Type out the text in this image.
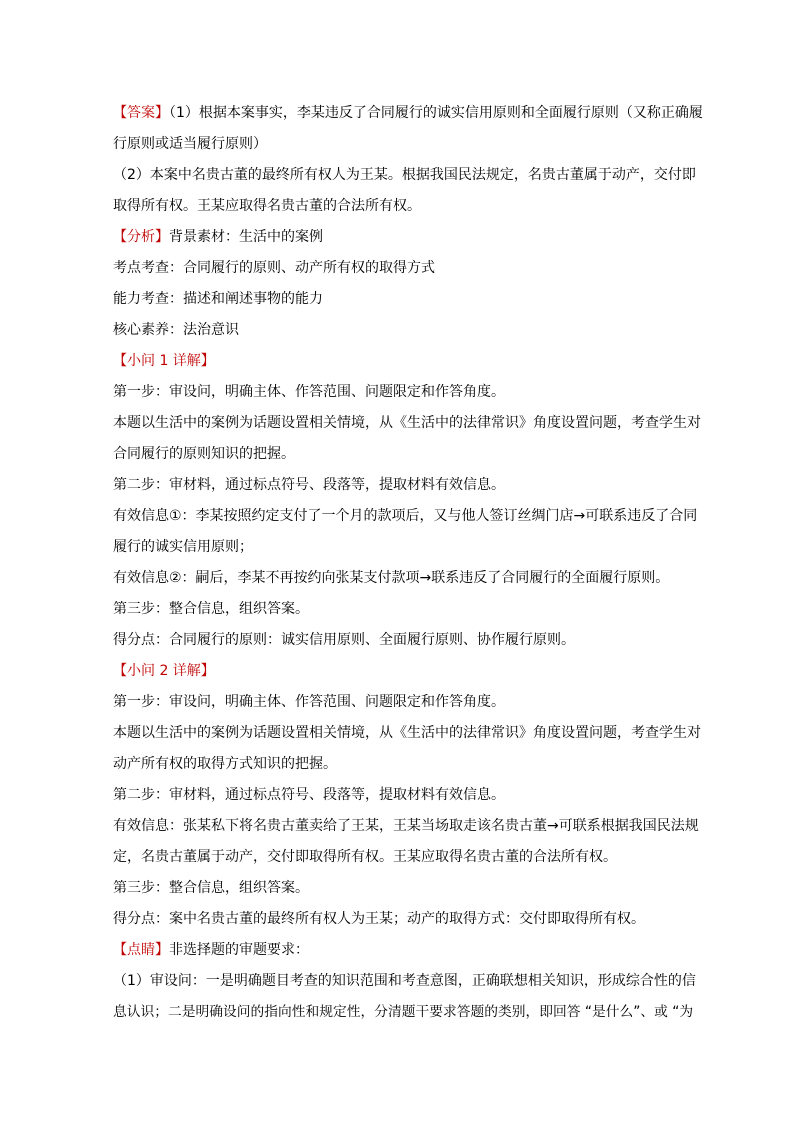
【答案】（1）根据本案事实，李某违反了合同履行的诚实信用原则和全面履行原则（又称正确履
行原则或适当履行原则）
（2）本案中名贵古董的最终所有权人为王某。根据我国民法规定，名贵古董属于动产，交付即
取得所有权。王某应取得名贵古董的合法所有权。
【分析】背景素材：生活中的案例
考点考查：合同履行的原则、动产所有权的取得方式
能力考查：描述和阐述事物的能力
核心素养：法治意识
【小问 1 详解】
第一步：审设问，明确主体、作答范围、问题限定和作答角度。
本题以生活中的案例为话题设置相关情境，从《生活中的法律常识》角度设置问题，考查学生对
合同履行的原则知识的把握。
第二步：审材料，通过标点符号、段落等，提取材料有效信息。
有效信息①：李某按照约定支付了一个月的款项后，又与他人签订丝绸门店→可联系违反了合同
履行的诚实信用原则；
有效信息②：嗣后，李某不再按约向张某支付款项→联系违反了合同履行的全面履行原则。
第三步：整合信息，组织答案。
得分点：合同履行的原则：诚实信用原则、全面履行原则、协作履行原则。
【小问 2 详解】
第一步：审设问，明确主体、作答范围、问题限定和作答角度。
本题以生活中的案例为话题设置相关情境，从《生活中的法律常识》角度设置问题，考查学生对
动产所有权的取得方式知识的把握。
第二步：审材料，通过标点符号、段落等，提取材料有效信息。
有效信息：张某私下将名贵古董卖给了王某，王某当场取走该名贵古董→可联系根据我国民法规
定，名贵古董属于动产，交付即取得所有权。王某应取得名贵古董的合法所有权。
第三步：整合信息，组织答案。
得分点：案中名贵古董的最终所有权人为王某；动产的取得方式：交付即取得所有权。
【点睛】非选择题的审题要求：
（1）审设问：一是明确题目考查的知识范围和考查意图，正确联想相关知识，形成综合性的信
息认识；二是明确设问的指向性和规定性，分清题干要求答题的类别，即回答 “是什么”、或 “为
